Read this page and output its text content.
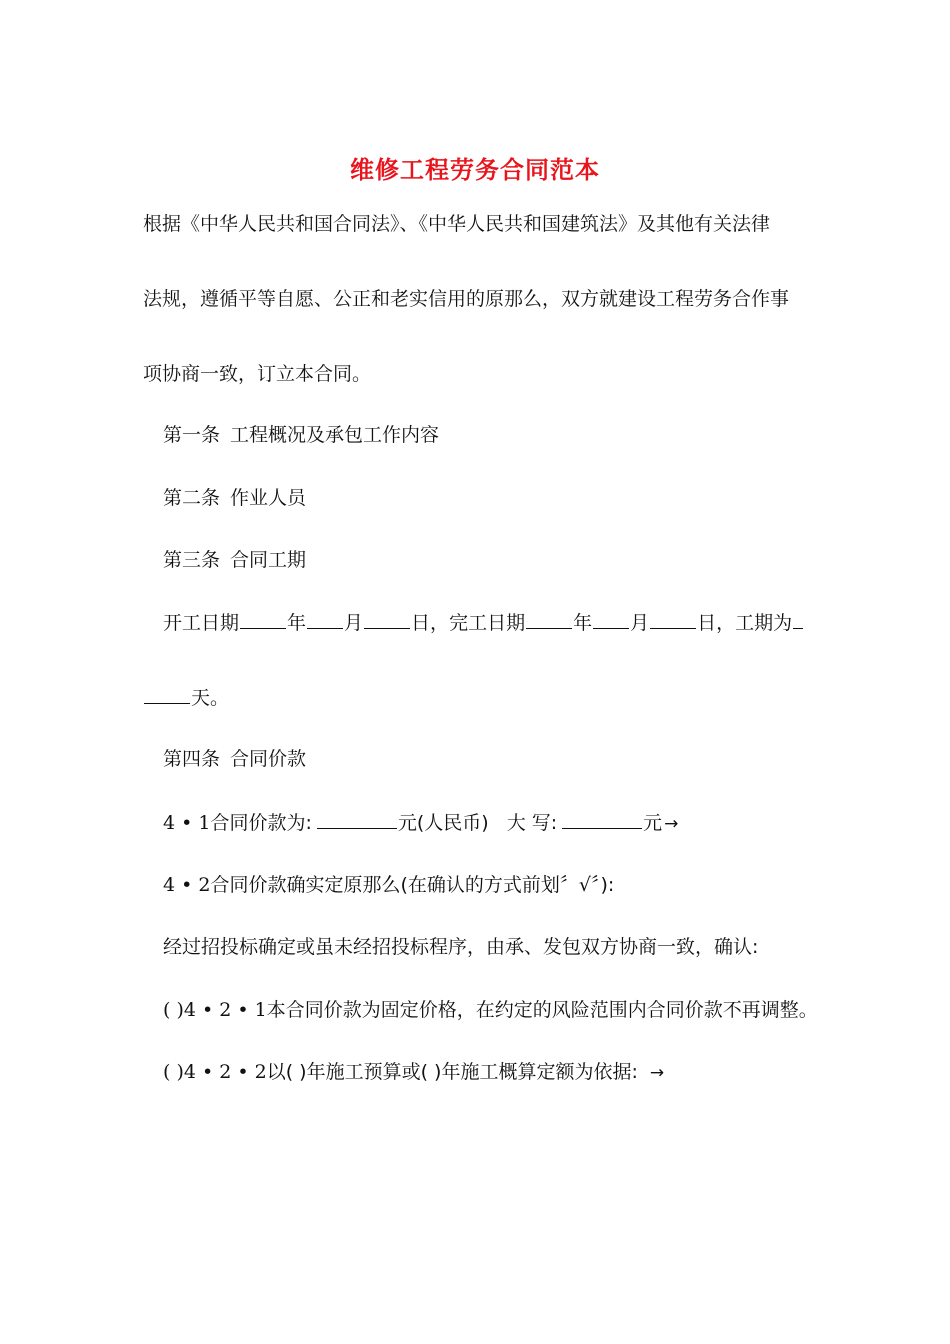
维修工程劳务合同范本
根据《中华人民共和国合同法》、《中华人民共和国建筑法》及其他有关法律
法规，遵循平等自愿、公正和老实信用的原那么，双方就建设工程劳务合作事
项协商一致，订立本合同。
第一条 工程概况及承包工作内容
第二条 作业人员
第三条 合同工期
开工日期	年 月	日，完工日期	年 月	日，工期为
天。
第四条 合同价款
4 • 1合同价款为:	元(人民币) 大 写:	元 →
4 • 2合同价款确实定原那么(在确认的方式前划〞√〞):
经过招投标确定或虽未经招投标程序，由承、发包双方协商一致，确认:
( )4 • 2 • 1本合同价款为固定价格，在约定的风险范围内合同价款不再调整。
( )4 • 2 • 2以( )年施工预算或( )年施工概算定额为依据: →
